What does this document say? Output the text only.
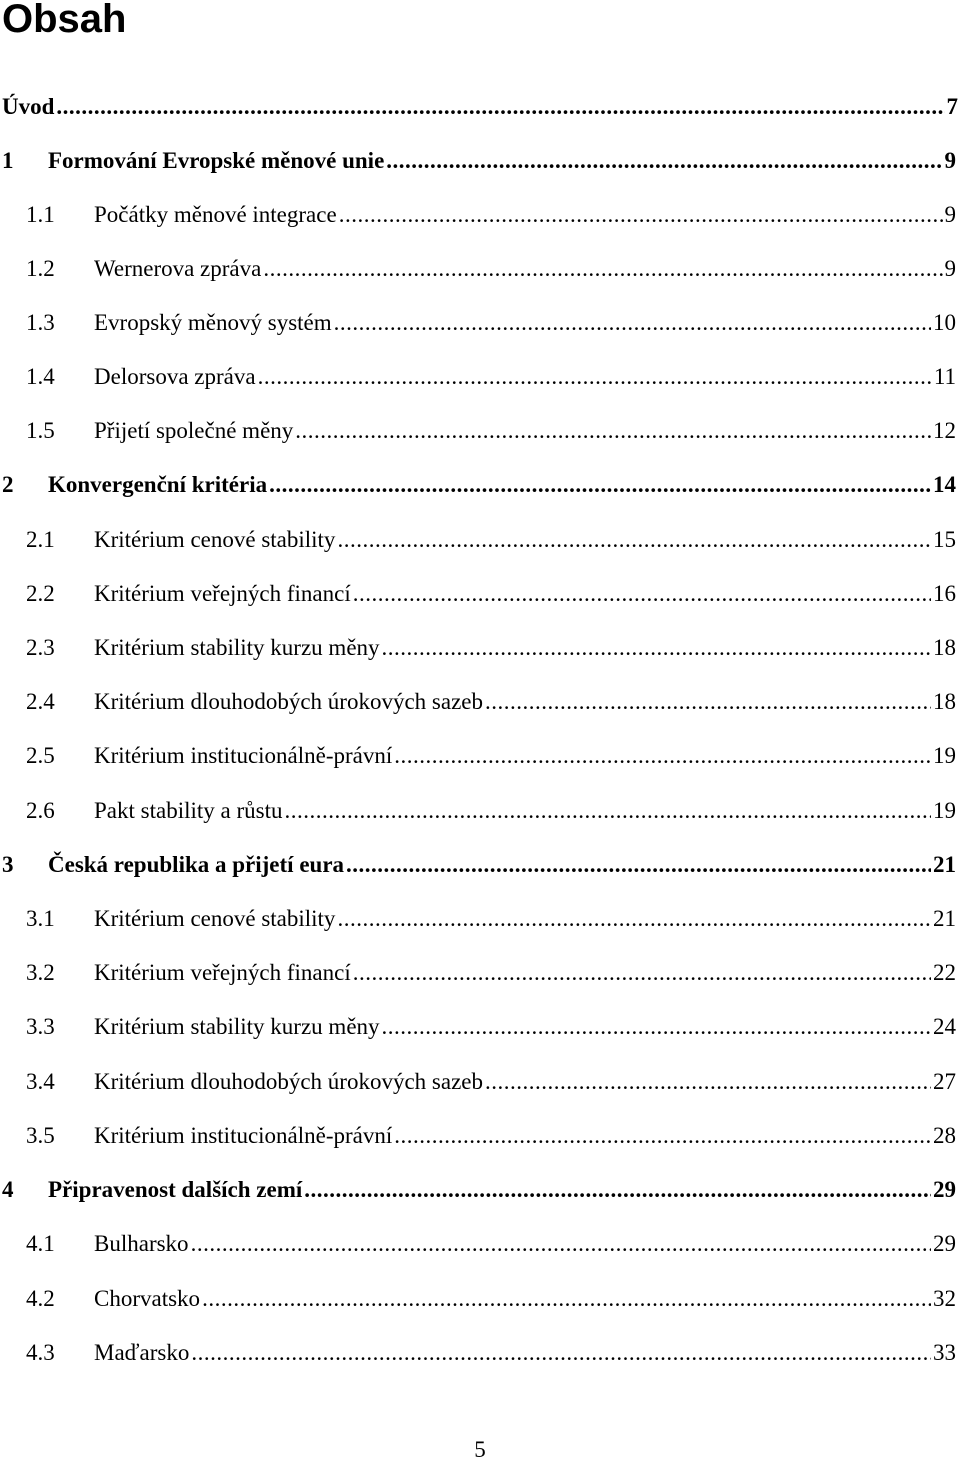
Obsah
Úvod .....	7
1	Formování Evropské měnové unie .....	9
1.1	Počátky měnové integrace .....	9
1.2	Wernerova zpráva .....	9
1.3	Evropský měnový systém .....	10
1.4	Delorsova zpráva .....	11
1.5	Přijetí společné měny .....	12
2	Konvergenční kritéria .....	14
2.1	Kritérium cenové stability .....	15
2.2	Kritérium veřejných financí .....	16
2.3	Kritérium stability kurzu měny .....	18
2.4	Kritérium dlouhodobých úrokových sazeb .....	18
2.5	Kritérium institucionálně-právní .....	19
2.6	Pakt stability a růstu .....	19
3	Česká republika a přijetí eura .....	21
3.1	Kritérium cenové stability .....	21
3.2	Kritérium veřejných financí .....	22
3.3	Kritérium stability kurzu měny .....	24
3.4	Kritérium dlouhodobých úrokových sazeb .....	27
3.5	Kritérium institucionálně-právní .....	28
4	Připravenost dalších zemí .....	29
4.1	Bulharsko .....	29
4.2	Chorvatsko .....	32
4.3	Maďarsko .....	33
5
